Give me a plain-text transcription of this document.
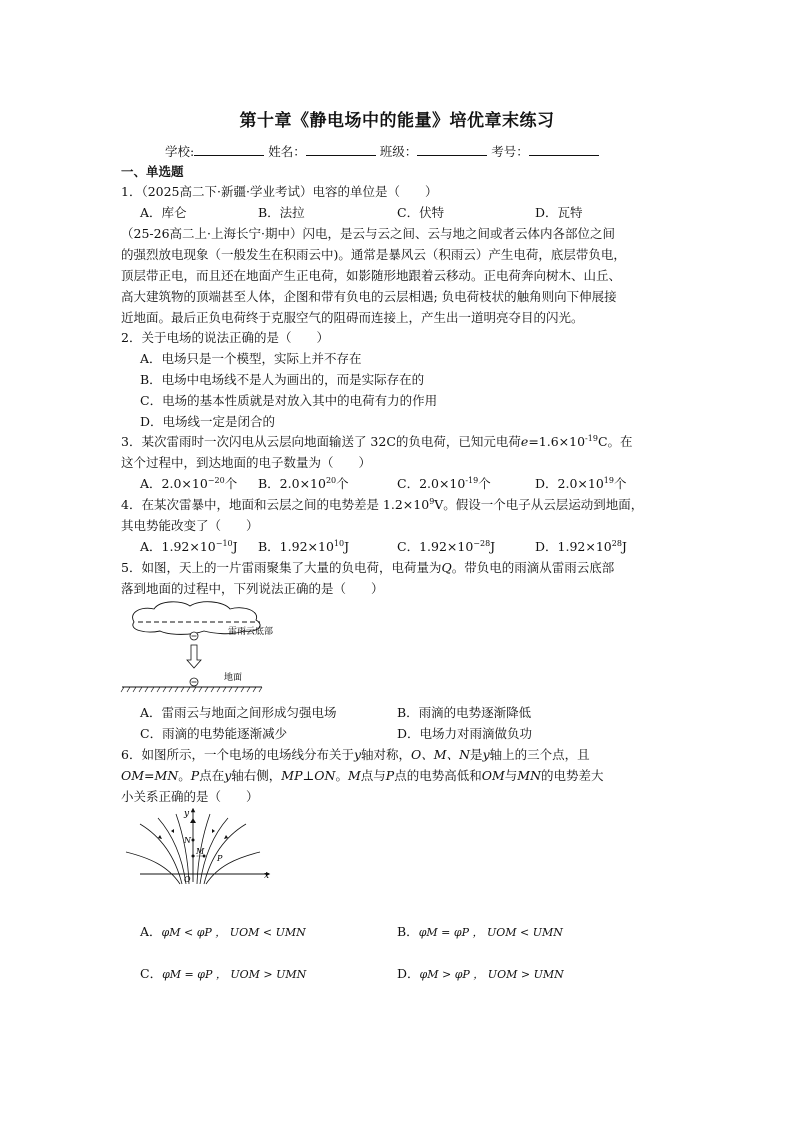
第十章《静电场中的能量》培优章末练习
学校:	姓名：	班级：	考号：
一、单选题
1．（2025高二下·新疆·学业考试）电容的单位是（　　）
A．库仑	B．法拉	C．伏特	D．瓦特
（25-26高二上·上海长宁·期中）闪电，是云与云之间、云与地之间或者云体内各部位之间
的强烈放电现象（一般发生在积雨云中)。通常是暴风云（积雨云）产生电荷，底层带负电，
顶层带正电，而且还在地面产生正电荷，如影随形地跟着云移动。正电荷奔向树木、山丘、
高大建筑物的顶端甚至人体，企图和带有负电的云层相遇; 负电荷枝状的触角则向下伸展接
近地面。最后正负电荷终于克服空气的阻碍而连接上，产生出一道明亮夺目的闪光。
2．关于电场的说法正确的是（　　）
A．电场只是一个模型，实际上并不存在
B．电场中电场线不是人为画出的，而是实际存在的
C．电场的基本性质就是对放入其中的电荷有力的作用
D．电场线一定是闭合的
3．某次雷雨时一次闪电从云层向地面输送了 32C的负电荷，已知元电荷$e=1.6\times 10^{-19}C$。在
这个过程中，到达地面的电子数量为（　　）
A．$2.0\times 10^{-20}$个 B．$2.0\times 10^{20}$个	C．$2.0\times 10^{-19}$个	D．$2.0\times 10^{19}$个
4．在某次雷暴中，地面和云层之间的电势差是 $1.2\times 10^9V$。假设一个电子从云层运动到地面，
其电势能改变了（　　）
A．$1.92\times 10^{-10}J$ B．$1.92\times 10^{10}J$	C．$1.92\times 10^{-28}J$	D．$1.92\times 10^{28}J$
5．如图，天上的一片雷雨聚集了大量的负电荷，电荷量为Q。带负电的雨滴从雷雨云底部
落到地面的过程中，下列说法正确的是（　　）
雷雨云底部
地面
A．雷雨云与地面之间形成匀强电场	B．雨滴的电势逐渐降低
C．雨滴的电势能逐渐减少	D．电场力对雨滴做负功
6．如图所示，一个电场的电场线分布关于y轴对称，O、M、N是y轴上的三个点，且
OM=MN。P点在y轴右侧，MP⊥ON。M点与P点的电势高低和OM与MN的电势差大
小关系正确的是（　　）
x
y
N
M
P
O
A．φM < φP ， UOM < UMN	B．φM = φP ， UOM < UMN
C．φM = φP ， UOM > UMN	D．φM > φP ， UOM > UMN
